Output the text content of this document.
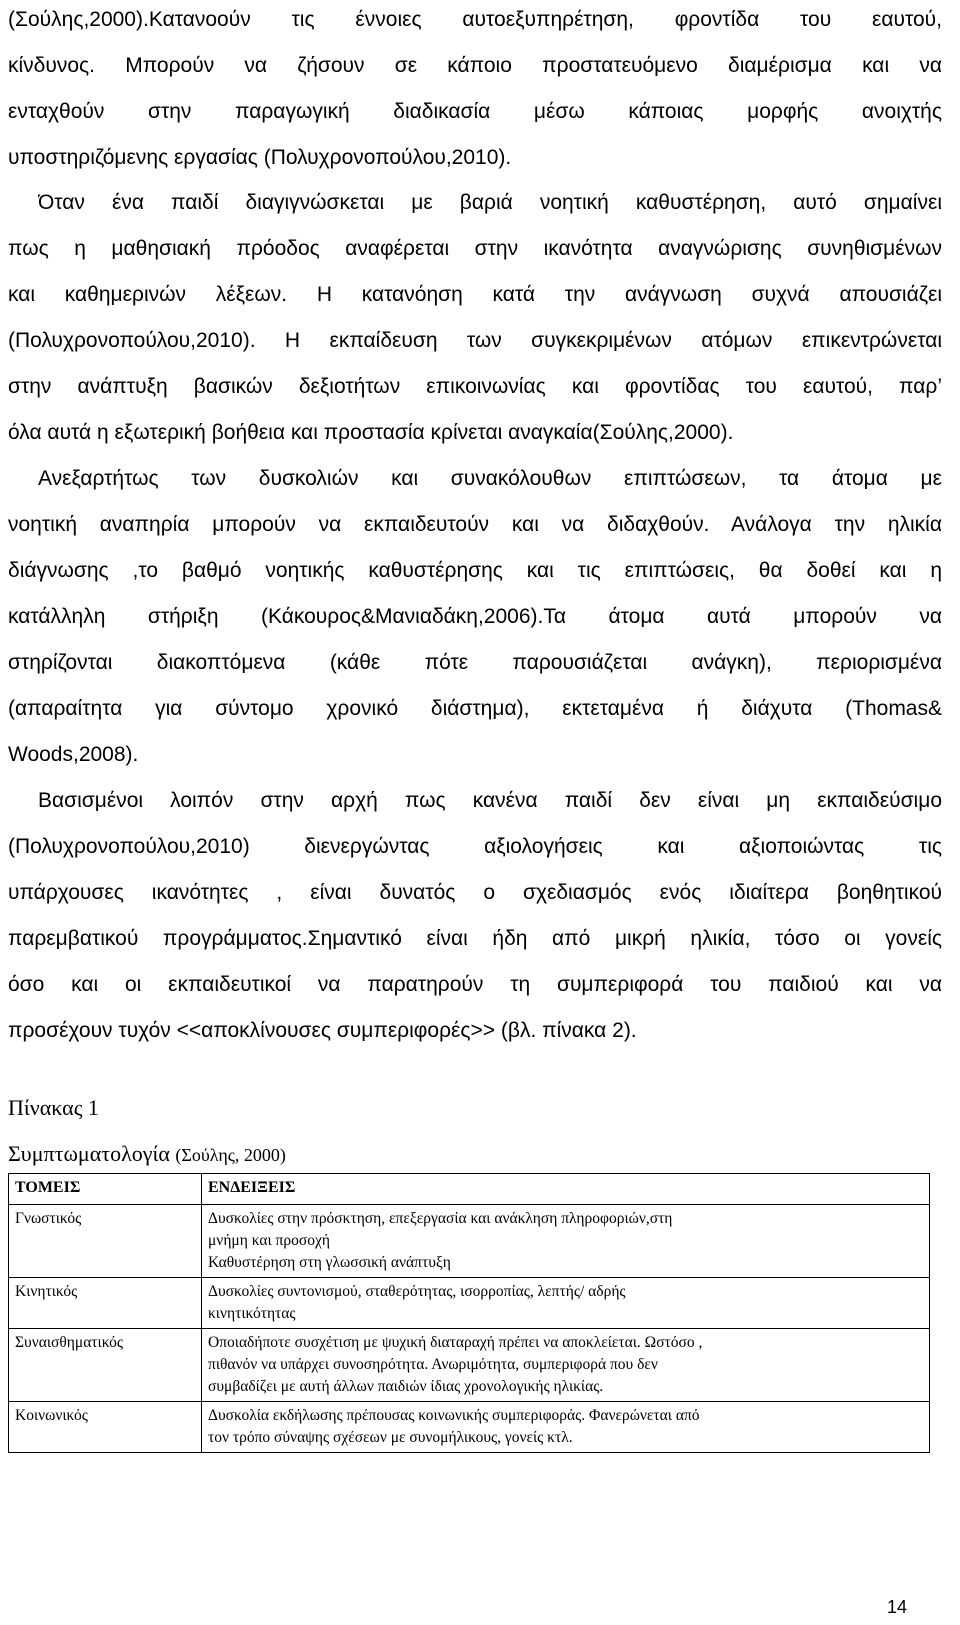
(Σούλης,2000).Κατανοούν τις έννοιες αυτοεξυπηρέτηση, φροντίδα του εαυτού,
κίνδυνος. Μπορούν να ζήσουν σε κάποιο προστατευόμενο διαμέρισμα και να
ενταχθούν στην παραγωγική διαδικασία μέσω κάποιας μορφής ανοιχτής
υποστηριζόμενης εργασίας (Πολυχρονοπούλου,2010).
Όταν ένα παιδί διαγιγνώσκεται με βαριά νοητική καθυστέρηση, αυτό σημαίνει
πως η μαθησιακή πρόοδος αναφέρεται στην ικανότητα αναγνώρισης συνηθισμένων
και καθημερινών λέξεων. Η κατανόηση κατά την ανάγνωση συχνά απουσιάζει
(Πολυχρονοπούλου,2010). Η εκπαίδευση των συγκεκριμένων ατόμων επικεντρώνεται
στην ανάπτυξη βασικών δεξιοτήτων επικοινωνίας και φροντίδας του εαυτού, παρ’
όλα αυτά η εξωτερική βοήθεια και προστασία κρίνεται αναγκαία(Σούλης,2000).
Ανεξαρτήτως των δυσκολιών και συνακόλουθων επιπτώσεων, τα άτομα με
νοητική αναπηρία μπορούν να εκπαιδευτούν και να διδαχθούν. Ανάλογα την ηλικία
διάγνωσης ,το βαθμό νοητικής καθυστέρησης και τις επιπτώσεις, θα δοθεί και η
κατάλληλη στήριξη (Κάκουρος&Μανιαδάκη,2006).Τα άτομα αυτά μπορούν να
στηρίζονται διακοπτόμενα (κάθε πότε παρουσιάζεται ανάγκη), περιορισμένα
(απαραίτητα για σύντομο χρονικό διάστημα), εκτεταμένα ή διάχυτα (Thomas&
Woods,2008).
Βασισμένοι λοιπόν στην αρχή πως κανένα παιδί δεν είναι μη εκπαιδεύσιμο
(Πολυχρονοπούλου,2010) διενεργώντας αξιολογήσεις και αξιοποιώντας τις
υπάρχουσες ικανότητες , είναι δυνατός ο σχεδιασμός ενός ιδιαίτερα βοηθητικού
παρεμβατικού προγράμματος.Σημαντικό είναι ήδη από μικρή ηλικία, τόσο οι γονείς
όσο και οι εκπαιδευτικοί να παρατηρούν τη συμπεριφορά του παιδιού και να
προσέχουν τυχόν <<αποκλίνουσες συμπεριφορές>> (βλ. πίνακα 2).
Πίνακας 1
Συμπτωματολογία (Σούλης, 2000)
ΤΟΜΕΙΣ	ΕΝΔΕΙΞΕΙΣ
Γνωστικός	Δυσκολίες στην πρόσκτηση, επεξεργασία και ανάκληση πληροφοριών,στη
μνήμη και προσοχή
Καθυστέρηση στη γλωσσική ανάπτυξη

Κινητικός	Δυσκολίες συντονισμού, σταθερότητας, ισορροπίας, λεπτής/ αδρής
κινητικότητας

Συναισθηματικός	Οποιαδήποτε συσχέτιση με ψυχική διαταραχή πρέπει να αποκλείεται. Ωστόσο ,
πιθανόν να υπάρχει συνοσηρότητα. Ανωριμότητα, συμπεριφορά που δεν
συμβαδίζει με αυτή άλλων παιδιών ίδιας χρονολογικής ηλικίας.

Κοινωνικός	Δυσκολία εκδήλωσης πρέπουσας κοινωνικής συμπεριφοράς. Φανερώνεται από
τον τρόπο σύναψης σχέσεων με συνομήλικους, γονείς κτλ.
14
